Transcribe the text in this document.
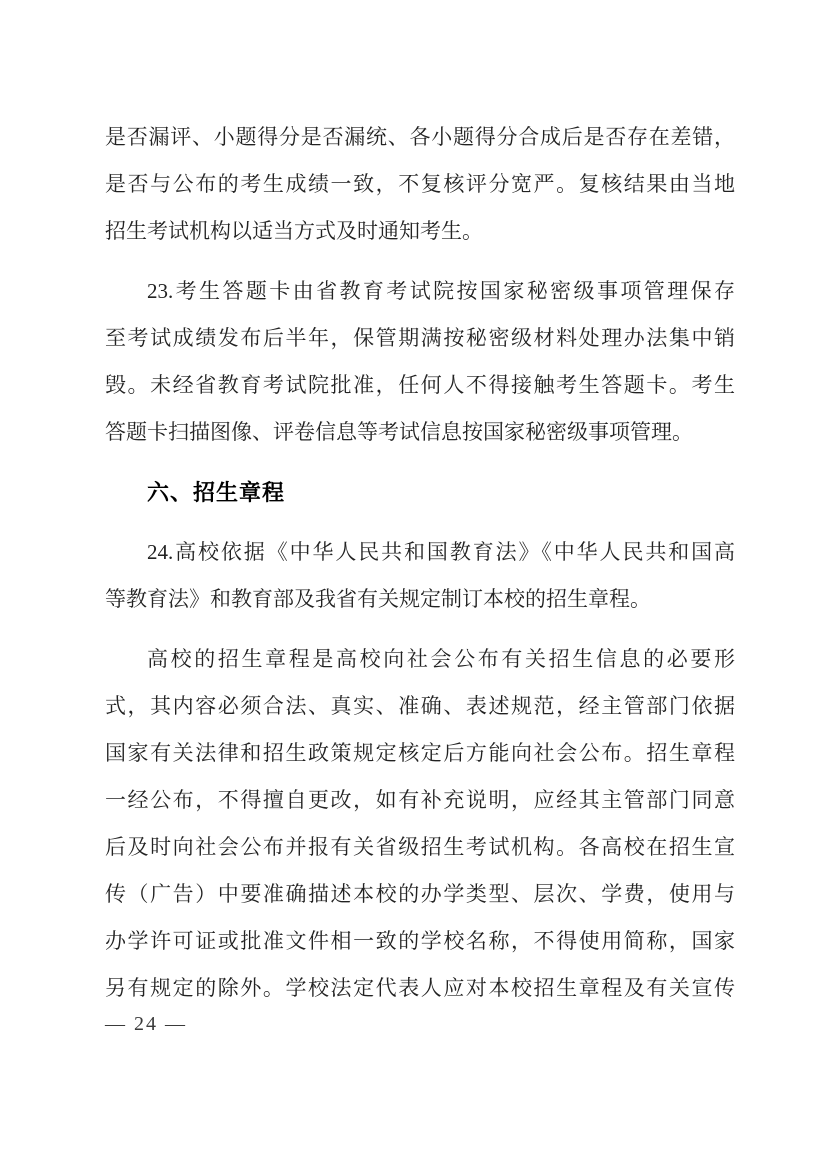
是否漏评、小题得分是否漏统、各小题得分合成后是否存在差错，
是否与公布的考生成绩一致，不复核评分宽严。复核结果由当地
招生考试机构以适当方式及时通知考生。
23.考生答题卡由省教育考试院按国家秘密级事项管理保存
至考试成绩发布后半年，保管期满按秘密级材料处理办法集中销
毁。未经省教育考试院批准，任何人不得接触考生答题卡。考生
答题卡扫描图像、评卷信息等考试信息按国家秘密级事项管理。
六、招生章程
24.高校依据《中华人民共和国教育法》《中华人民共和国高
等教育法》和教育部及我省有关规定制订本校的招生章程。
高校的招生章程是高校向社会公布有关招生信息的必要形
式，其内容必须合法、真实、准确、表述规范，经主管部门依据
国家有关法律和招生政策规定核定后方能向社会公布。招生章程
一经公布，不得擅自更改，如有补充说明，应经其主管部门同意
后及时向社会公布并报有关省级招生考试机构。各高校在招生宣
传（广告）中要准确描述本校的办学类型、层次、学费，使用与
办学许可证或批准文件相一致的学校名称，不得使用简称，国家
另有规定的除外。学校法定代表人应对本校招生章程及有关宣传
— 24 —
